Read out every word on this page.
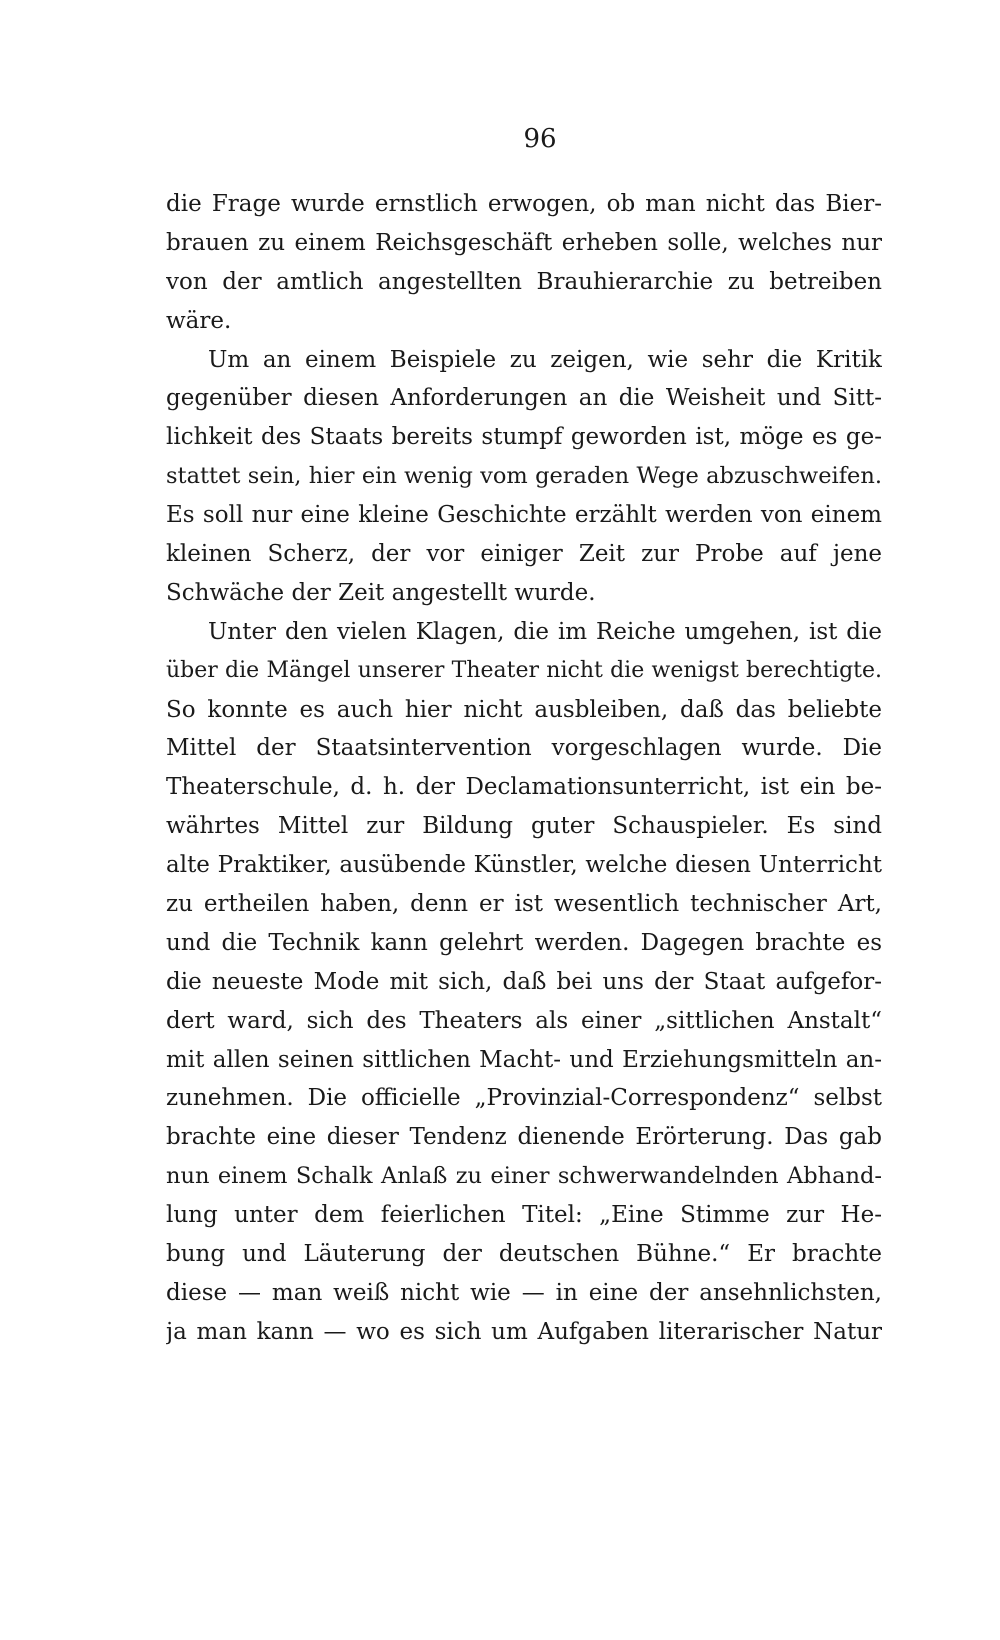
96
die Frage wurde ernstlich erwogen, ob man nicht das Bier-
brauen zu einem Reichsgeschäft erheben solle, welches nur
von der amtlich angestellten Brauhierarchie zu betreiben
wäre.
Um an einem Beispiele zu zeigen, wie sehr die Kritik
gegenüber diesen Anforderungen an die Weisheit und Sitt-
lichkeit des Staats bereits stumpf geworden ist, möge es ge-
stattet sein, hier ein wenig vom geraden Wege abzuschweifen.
Es soll nur eine kleine Geschichte erzählt werden von einem
kleinen Scherz, der vor einiger Zeit zur Probe auf jene
Schwäche der Zeit angestellt wurde.
Unter den vielen Klagen, die im Reiche umgehen, ist die
über die Mängel unserer Theater nicht die wenigst berechtigte.
So konnte es auch hier nicht ausbleiben, daß das beliebte
Mittel der Staatsintervention vorgeschlagen wurde. Die
Theaterschule, d. h. der Declamationsunterricht, ist ein be-
währtes Mittel zur Bildung guter Schauspieler. Es sind
alte Praktiker, ausübende Künstler, welche diesen Unterricht
zu ertheilen haben, denn er ist wesentlich technischer Art,
und die Technik kann gelehrt werden. Dagegen brachte es
die neueste Mode mit sich, daß bei uns der Staat aufgefor-
dert ward, sich des Theaters als einer „sittlichen Anstalt“
mit allen seinen sittlichen Macht- und Erziehungsmitteln an-
zunehmen. Die officielle „Provinzial-Correspondenz“ selbst
brachte eine dieser Tendenz dienende Erörterung. Das gab
nun einem Schalk Anlaß zu einer schwerwandelnden Abhand-
lung unter dem feierlichen Titel: „Eine Stimme zur He-
bung und Läuterung der deutschen Bühne.“ Er brachte
diese — man weiß nicht wie — in eine der ansehnlichsten,
ja man kann — wo es sich um Aufgaben literarischer Natur
